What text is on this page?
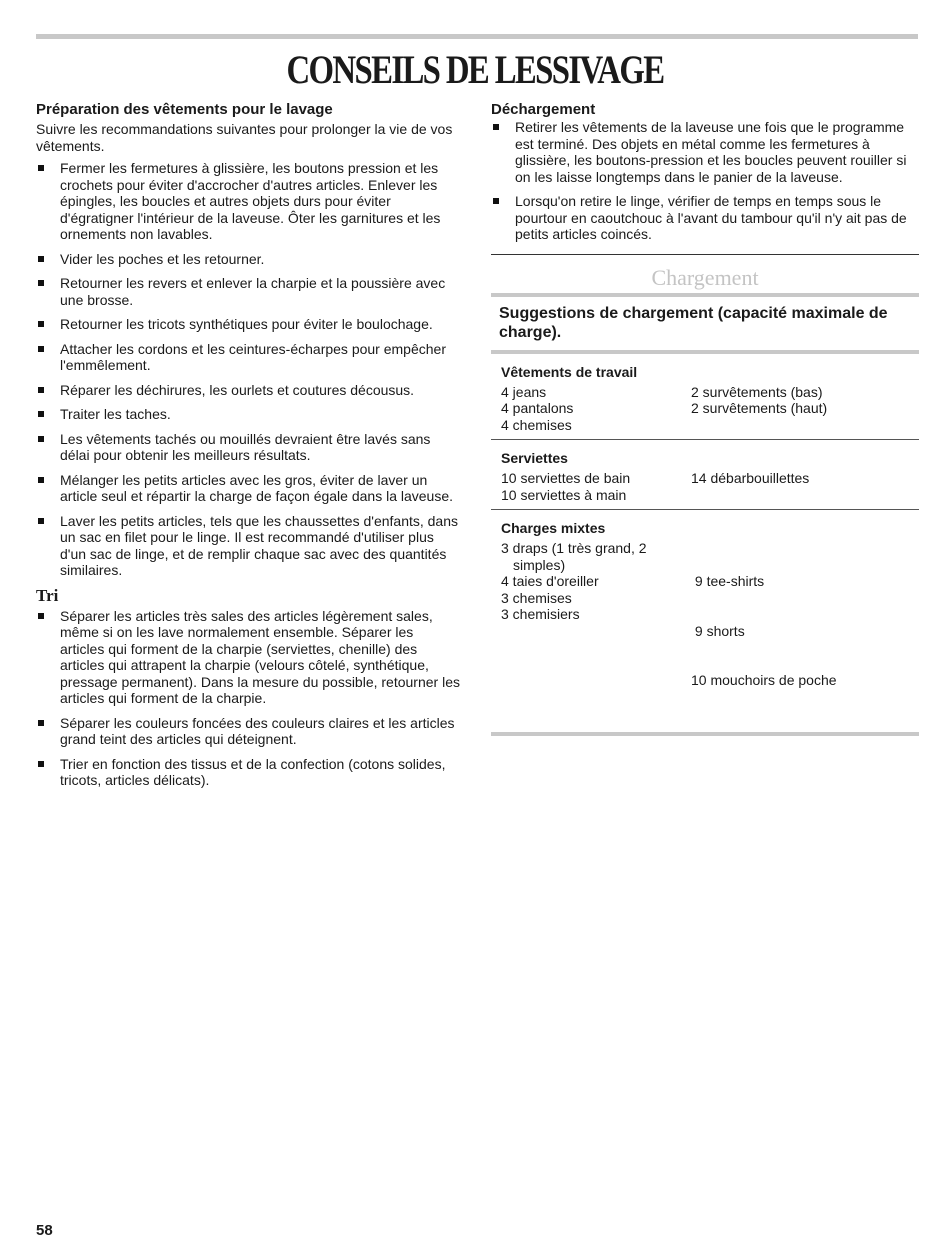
CONSEILS DE LESSIVAGE
Préparation des vêtements pour le lavage

Suivre les recommandations suivantes pour prolonger la vie de vos vêtements.

Fermer les fermetures à glissière, les boutons pression et les crochets pour éviter d'accrocher d'autres articles. Enlever les épingles, les boucles et autres objets durs pour éviter d'égratigner l'intérieur de la laveuse. Ôter les garnitures et les ornements non lavables.
Vider les poches et les retourner.
Retourner les revers et enlever la charpie et la poussière avec une brosse.
Retourner les tricots synthétiques pour éviter le boulochage.
Attacher les cordons et les ceintures-écharpes pour empêcher l'emmêlement.
Réparer les déchirures, les ourlets et coutures décousus.
Traiter les taches.
Les vêtements tachés ou mouillés devraient être lavés sans délai pour obtenir les meilleurs résultats.
Mélanger les petits articles avec les gros, éviter de laver un article seul et répartir la charge de façon égale dans la laveuse.
Laver les petits articles, tels que les chaussettes d'enfants, dans un sac en filet pour le linge. Il est recommandé d'utiliser plus d'un sac de linge, et de remplir chaque sac avec des quantités similaires.
Tri
Séparer les articles très sales des articles légèrement sales, même si on les lave normalement ensemble. Séparer les articles qui forment de la charpie (serviettes, chenille) des articles qui attrapent la charpie (velours côtelé, synthétique, pressage permanent). Dans la mesure du possible, retourner les articles qui forment de la charpie.
Séparer les couleurs foncées des couleurs claires et les articles grand teint des articles qui déteignent.
Trier en fonction des tissus et de la confection (cotons solides, tricots, articles délicats).
Déchargement
Retirer les vêtements de la laveuse une fois que le programme est terminé. Des objets en métal comme les fermetures à glissière, les boutons-pression et les boucles peuvent rouiller si on les laisse longtemps dans le panier de la laveuse.
Lorsqu'on retire le linge, vérifier de temps en temps sous le pourtour en caoutchouc à l'avant du tambour qu'il n'y ait pas de petits articles coincés.
Chargement
Suggestions de chargement (capacité maximale de charge).
Vêtements de travail
4 jeans
4 pantalons
4 chemises
2 survêtements (bas)
2 survêtements (haut)
Serviettes
10 serviettes de bain
10 serviettes à main
14 débarbouillettes
Charges mixtes
3 draps (1 très grand, 2
simples)
4 taies d'oreiller
3 chemises
3 chemisiers

9 tee-shirts

9 shorts

10 mouchoirs de poche

58
